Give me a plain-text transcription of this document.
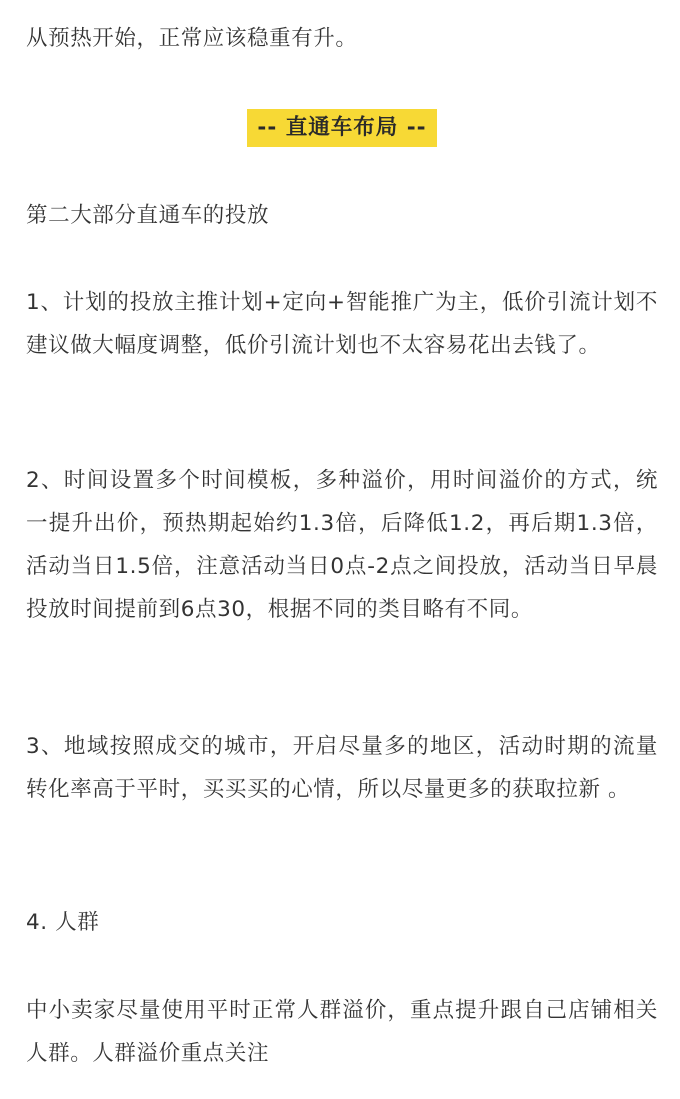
从预热开始，正常应该稳重有升。

-- 直通车布局 --

第二大部分直通车的投放

1、计划的投放主推计划+定向+智能推广为主，低价引流计划不建议做大幅度调整，低价引流计划也不太容易花出去钱了。

2、时间设置多个时间模板，多种溢价，用时间溢价的方式，统一提升出价，预热期起始约1.3倍，后降低1.2，再后期1.3倍，活动当日1.5倍，注意活动当日0点-2点之间投放，活动当日早晨投放时间提前到6点30，根据不同的类目略有不同。

3、地域按照成交的城市，开启尽量多的地区，活动时期的流量转化率高于平时，买买买的心情，所以尽量更多的获取拉新 。

4. 人群

中小卖家尽量使用平时正常人群溢价，重点提升跟自己店铺相关人群。人群溢价重点关注
